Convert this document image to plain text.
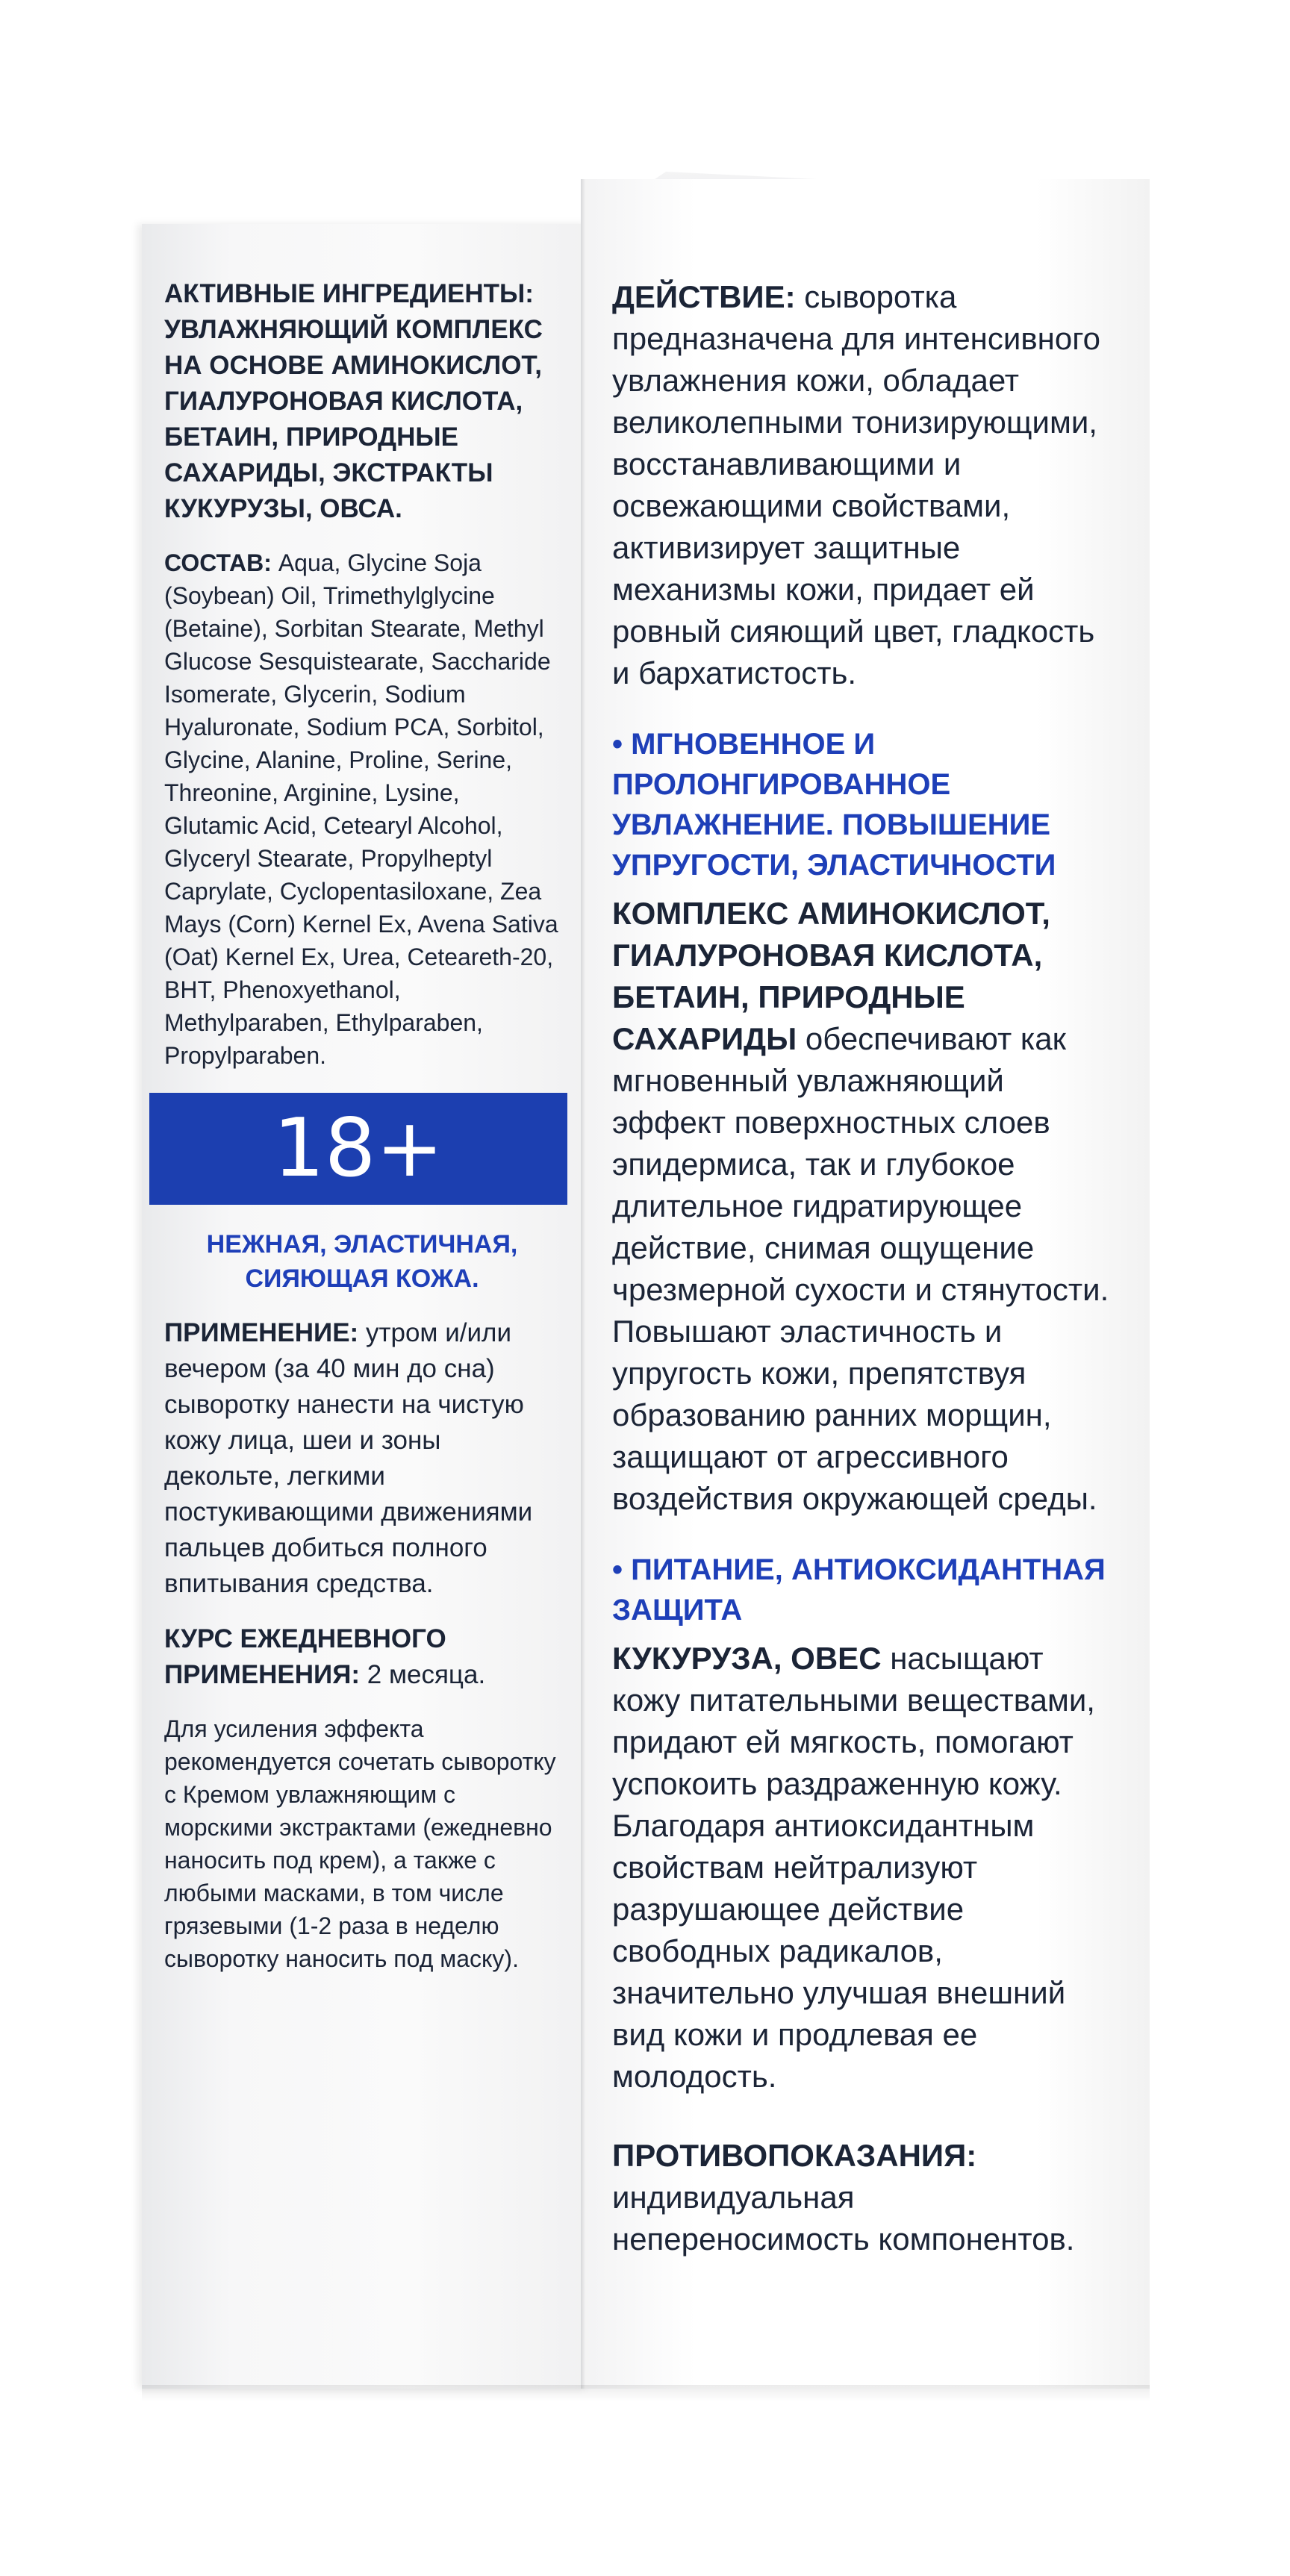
АКТИВНЫЕ ИНГРЕДИЕНТЫ:
УВЛАЖНЯЮЩИЙ КОМПЛЕКС НА ОСНОВЕ АМИНОКИСЛОТ, ГИАЛУРОНОВАЯ КИСЛОТА, БЕТАИН, ПРИРОДНЫЕ САХАРИДЫ, ЭКСТРАКТЫ КУКУРУЗЫ, ОВСА.
СОСТАВ: Aqua, Glycine Soja (Soybean) Oil, Trimethylglycine (Betaine), Sorbitan Stearate, Methyl Glucose Sesquistearate, Saccharide Isomerate, Glycerin, Sodium Hyaluronate, Sodium PCA, Sorbitol, Glycine, Alanine, Proline, Serine, Threonine, Arginine, Lysine, Glutamic Acid, Cetearyl Alcohol, Glyceryl Stearate, Propylheptyl Caprylate, Cyclopentasiloxane, Zea Mays (Corn) Kernel Ex, Avena Sativa (Oat) Kernel Ex, Urea, Ceteareth-20, BHT, Phenoxyethanol, Methylparaben, Ethylparaben, Propylparaben.
18+
НЕЖНАЯ, ЭЛАСТИЧНАЯ, СИЯЮЩАЯ КОЖА.
ПРИМЕНЕНИЕ: утром и/или вечером (за 40 мин до сна) сыворотку нанести на чистую кожу лица, шеи и зоны декольте, легкими постукивающими движениями пальцев добиться полного впитывания средства.
КУРС ЕЖЕДНЕВНОГО ПРИМЕНЕНИЯ: 2 месяца.
Для усиления эффекта рекомендуется сочетать сыворотку с Кремом увлажняющим с морскими экстрактами (ежедневно наносить под крем), а также с любыми масками, в том числе грязевыми (1-2 раза в неделю сыворотку наносить под маску).
ДЕЙСТВИЕ: сыворотка предназначена для интенсивного увлажнения кожи, обладает великолепными тонизирующими, восстанавливающими и освежающими свойствами, активизирует защитные механизмы кожи, придает ей ровный сияющий цвет, гладкость и бархатистость.
• МГНОВЕННОЕ И ПРОЛОНГИРОВАННОЕ УВЛАЖНЕНИЕ. ПОВЫШЕНИЕ УПРУГОСТИ, ЭЛАСТИЧНОСТИ
КОМПЛЕКС АМИНОКИСЛОТ, ГИАЛУРОНОВАЯ КИСЛОТА, БЕТАИН, ПРИРОДНЫЕ САХАРИДЫ обеспечивают как мгновенный увлажняющий эффект поверхностных слоев эпидермиса, так и глубокое длительное гидратирующее действие, снимая ощущение чрезмерной сухости и стянутости. Повышают эластичность и упругость кожи, препятствуя образованию ранних морщин, защищают от агрессивного воздействия окружающей среды.
• ПИТАНИЕ, АНТИОКСИДАНТНАЯ ЗАЩИТА
КУКУРУЗА, ОВЕС насыщают кожу питательными веществами, придают ей мягкость, помогают успокоить раздраженную кожу. Благодаря антиоксидантным свойствам нейтрализуют разрушающее действие свободных радикалов, значительно улучшая внешний вид кожи и продлевая ее молодость.
ПРОТИВОПОКАЗАНИЯ:
индивидуальная непереносимость компонентов.
